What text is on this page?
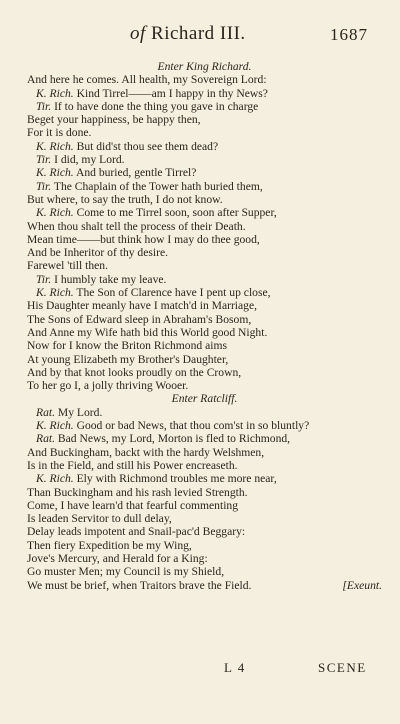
of Richard III.	1687
Enter King Richard.
And here he comes. All health, my Sovereign Lord:
K. Rich. Kind Tirrel——am I happy in thy News?
Tir. If to have done the thing you gave in charge
Beget your happiness, be happy then,
For it is done.
K. Rich. But did'st thou see them dead?
Tir. I did, my Lord.
K. Rich. And buried, gentle Tirrel?
Tir. The Chaplain of the Tower hath buried them,
But where, to say the truth, I do not know.
K. Rich. Come to me Tirrel soon, soon after Supper,
When thou shalt tell the process of their Death.
Mean time——but think how I may do thee good,
And be Inheritor of thy desire.
Farewel 'till then.
Tir. I humbly take my leave.
K. Rich. The Son of Clarence have I pent up close,
His Daughter meanly have I match'd in Marriage,
The Sons of Edward sleep in Abraham's Bosom,
And Anne my Wife hath bid this World good Night.
Now for I know the Briton Richmond aims
At young Elizabeth my Brother's Daughter,
And by that knot looks proudly on the Crown,
To her go I, a jolly thriving Wooer.
Enter Ratcliff.
Rat. My Lord.
K. Rich. Good or bad News, that thou com'st in so bluntly?
Rat. Bad News, my Lord, Morton is fled to Richmond,
And Buckingham, backt with the hardy Welshmen,
Is in the Field, and still his Power encreaseth.
K. Rich. Ely with Richmond troubles me more near,
Than Buckingham and his rash levied Strength.
Come, I have learn'd that fearful commenting
Is leaden Servitor to dull delay,
Delay leads impotent and Snail-pac'd Beggary:
Then fiery Expedition be my Wing,
Jove's Mercury, and Herald for a King:
Go muster Men; my Council is my Shield,
We must be brief, when Traitors brave the Field.	[Exeunt.
L 4	SCENE
